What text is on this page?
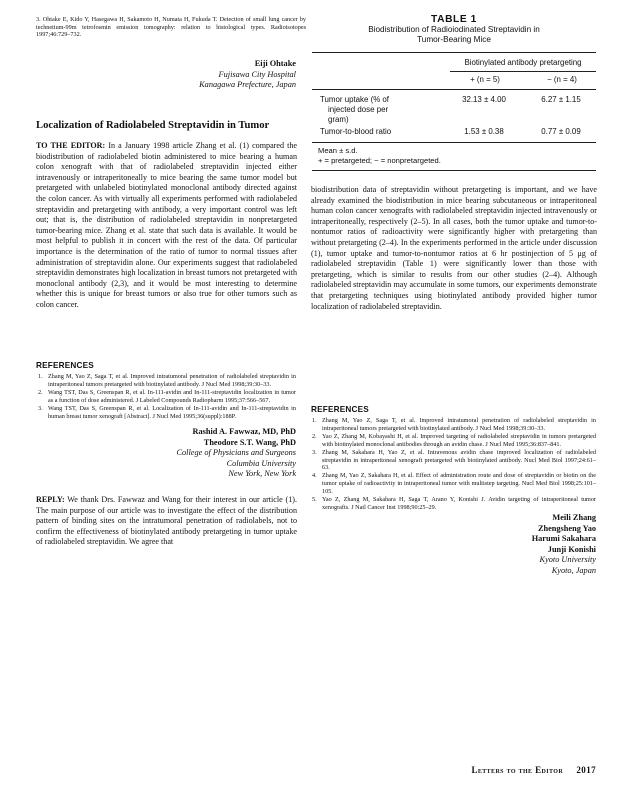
3. Ohtake E, Kido Y, Hasegawa H, Sakamoto H, Numata H, Fukuda T. Detection of small lung cancer by technetium-99m tetrofosmin emission tomography: relation to histological types. Radioisotopes 1997;46:729–732.
Eiji Ohtake
Fujisawa City Hospital
Kanagawa Prefecture, Japan
Localization of Radiolabeled Streptavidin in Tumor
TO THE EDITOR: In a January 1998 article Zhang et al. (1) compared the biodistribution of radiolabeled biotin administered to mice bearing a human colon xenograft with that of radiolabeled streptavidin injected either intravenously or intraperitoneally to mice bearing the same tumor model but pretargeted with unlabeled biotinylated monoclonal antibody directed against the colon cancer. As with virtually all experiments performed with radiolabeled streptavidin and pretargeting with antibody, a very important control was left out; that is, the distribution of radiolabeled streptavidin in nonpretargeted tumor-bearing mice. Zhang et al. state that such data is available. It would be most helpful to publish it in concert with the rest of the data. Of particular importance is the determination of the ratio of tumor to normal tissues after administration of streptavidin alone. Our experiments suggest that radiolabeled streptavidin demonstrates high localization in breast tumors not pretargeted with monoclonal antibody (2,3), and it would be most interesting to determine whether this is unique for breast tumors or also true for other tumors such as colon cancer.
REFERENCES
1. Zhang M, Yao Z, Saga T, et al. Improved intratumoral penetration of radiolabeled streptavidin in intraperitoneal tumors pretargeted with biotinylated antibody. J Nucl Med 1998;39:30–33.
2. Wang TST, Das S, Greenspan R, et al. In-111-avidin and In-111-streptavidin localization in tumor as a function of dose administered. J Labeled Compounds Radiopharm 1995;37:566–567.
3. Wang TST, Das S, Greenspan R, et al. Localization of In-111-avidin and In-111-streptavidin in human breast tumor xenograft [Abstract]. J Nucl Med 1995;36(suppl):188P.
Rashid A. Fawwaz, MD, PhD
Theodore S.T. Wang, PhD
College of Physicians and Surgeons
Columbia University
New York, New York
REPLY: We thank Drs. Fawwaz and Wang for their interest in our article (1). The main purpose of our article was to investigate the effect of the distribution pattern of binding sites on the intratumoral penetration of radiolabels, not to confirm the effectiveness of biotinylated antibody pretargeting in tumor uptake of radiolabeled streptavidin. We agree that
TABLE 1
Biodistribution of Radioiodinated Streptavidin in
Tumor-Bearing Mice
Biotinylated antibody pretargeting
+ (n = 5)	− (n = 4)
Tumor uptake (% of
injected dose per
gram)
32.13 ± 4.00	6.27 ± 1.15
Tumor-to-blood ratio	1.53 ± 0.38	0.77 ± 0.09
Mean ± s.d.
+ = pretargeted; − = nonpretargeted.
biodistribution data of streptavidin without pretargeting is important, and we have already examined the biodistribution in mice bearing subcutaneous or intraperitoneal human colon cancer xenografts with radiolabeled streptavidin injected intravenously or intraperitoneally, respectively (2–5). In all cases, both the tumor uptake and tumor-to-nontumor ratios of radioactivity were significantly higher with pretargeting than without pretargeting (2–4). In the experiments performed in the article under discussion (1), tumor uptake and tumor-to-nontumor ratios at 6 hr postinjection of 5 μg of radiolabeled streptavidin (Table 1) were significantly lower than those with pretargeting, which is similar to results from our other studies (2–4). Although radiolabeled streptavidin may accumulate in some tumors, our experiments demonstrate that pretargeting techniques using biotinylated antibody provided higher tumor localization of radiolabeled streptavidin.
REFERENCES
1. Zhang M, Yao Z, Saga T, et al. Improved intratumoral penetration of radiolabeled streptavidin in intraperitoneal tumors pretargeted with biotinylated antibody. J Nucl Med 1998;39:30–33.
2. Yao Z, Zhang M, Kobayashi H, et al. Improved targeting of radiolabeled streptavidin in tumors pretargeted with biotinylated monoclonal antibodies through an avidin chase. J Nucl Med 1995;36:837–841.
3. Zhang M, Sakahara H, Yao Z, et al. Intravenous avidin chase improved localization of radiolabeled streptavidin in intraperitoneal xenograft pretargeted with biotinylated antibody. Nucl Med Biol 1997;24:61–63.
4. Zhang M, Yao Z, Sakahara H, et al. Effect of administration route and dose of streptavidin or biotin on the tumor uptake of radioactivity in intraperitoneal tumor with multistep targeting. Nucl Med Biol 1998;25:101–105.
5. Yao Z, Zhang M, Sakahara H, Saga T, Arano Y, Konishi J. Avidin targeting of intraperitoneal tumor xenografts. J Natl Cancer Inst 1998;90:25–29.
Meili Zhang
Zhengsheng Yao
Harumi Sakahara
Junji Konishi
Kyoto University
Kyoto, Japan
Letters to the Editor 2017
